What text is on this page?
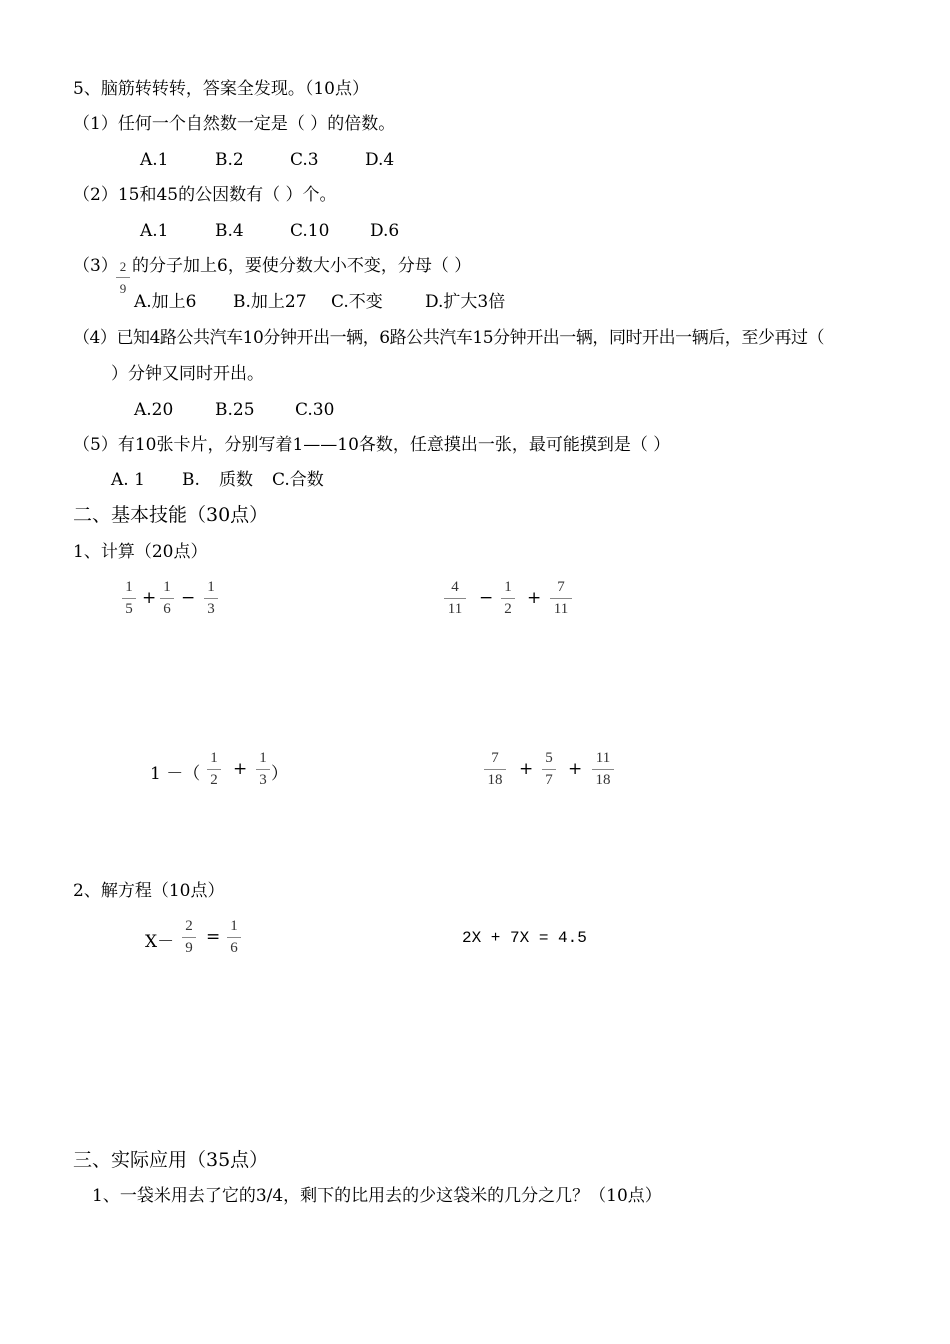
5、脑筋转转转，答案全发现。（10点）
（1）任何一个自然数一定是（ ）的倍数。
A.1	B.2	C.3	D.4
（2）15和45的公因数有（ ）个。
A.1	B.4	C.10 D.6
（3） 2
9
的分子加上6，要使分数大小不变，分母（ ）
A.加上6 B.加上27 C.不变 D.扩大3倍
（4）已知4路公共汽车10分钟开出一辆，6路公共汽车15分钟开出一辆，同时开出一辆后，至少再过（
）分钟又同时开出。
A.20 B.25 C.30
（5）有10张卡片，分别写着1——10各数，任意摸出一张，最可能摸到是（ ）
A. 1 B. 质数 C.合数
二、基本技能（30点）
1、计算（20点）
1
5
+
1
6
−
1
3
4
11
−
1
2
+
7
11
1 －（
1
2
+
1
3 ）
7
18
+
5
7
+
11
18
2、解方程（10点）
X－
2
9
=
1
6
2X + 7X = 4.5
三、实际应用（35点）
1、一袋米用去了它的3/4，剩下的比用去的少这袋米的几分之几？（10点）
